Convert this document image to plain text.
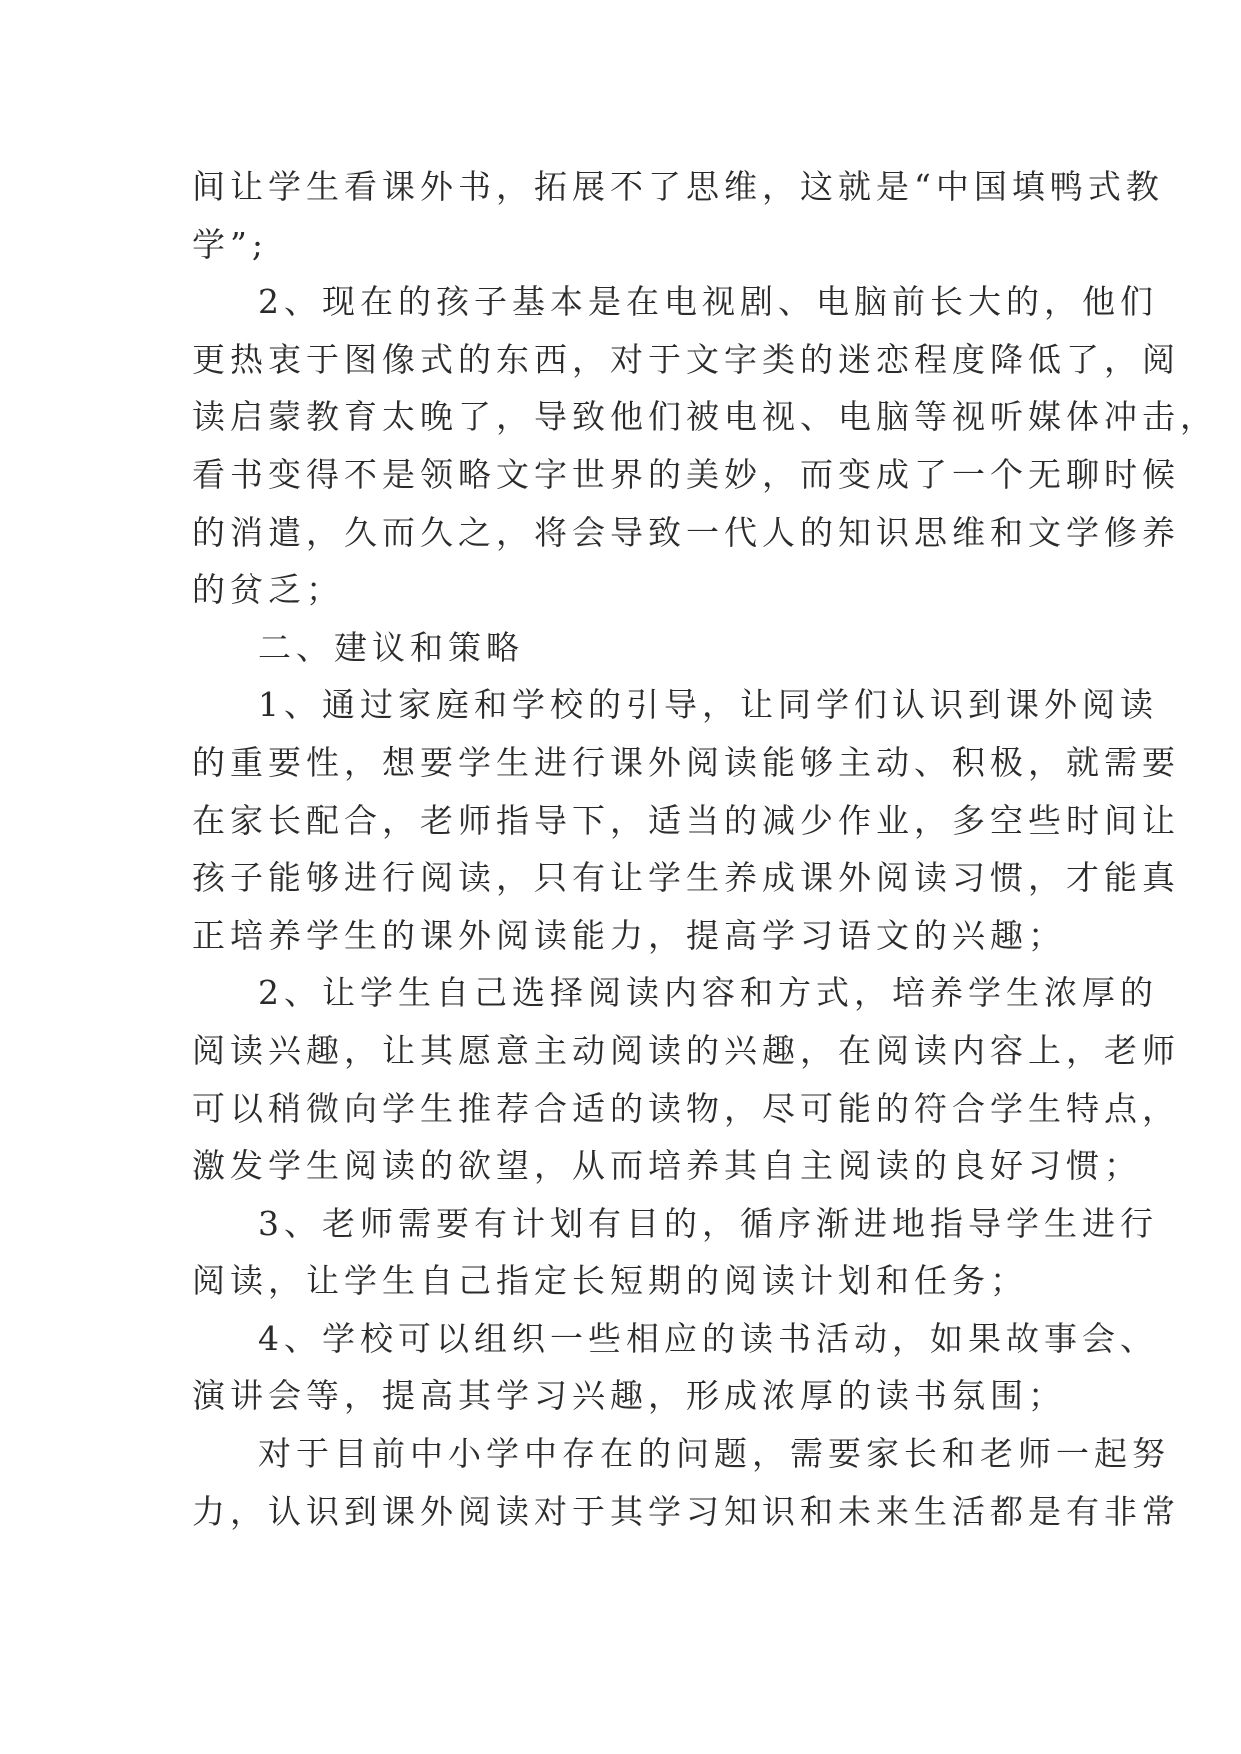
间让学生看课外书，拓展不了思维，这就是“中国填鸭式教
学”;
2、现在的孩子基本是在电视剧、电脑前长大的，他们
更热衷于图像式的东西，对于文字类的迷恋程度降低了，阅
读启蒙教育太晚了，导致他们被电视、电脑等视听媒体冲击，
看书变得不是领略文字世界的美妙，而变成了一个无聊时候
的消遣，久而久之，将会导致一代人的知识思维和文学修养
的贫乏；
二、建议和策略
1、通过家庭和学校的引导，让同学们认识到课外阅读
的重要性，想要学生进行课外阅读能够主动、积极，就需要
在家长配合，老师指导下，适当的减少作业，多空些时间让
孩子能够进行阅读，只有让学生养成课外阅读习惯，才能真
正培养学生的课外阅读能力，提高学习语文的兴趣；
2、让学生自己选择阅读内容和方式，培养学生浓厚的
阅读兴趣，让其愿意主动阅读的兴趣，在阅读内容上，老师
可以稍微向学生推荐合适的读物，尽可能的符合学生特点，
激发学生阅读的欲望，从而培养其自主阅读的良好习惯；
3、老师需要有计划有目的，循序渐进地指导学生进行
阅读，让学生自己指定长短期的阅读计划和任务；
4、学校可以组织一些相应的读书活动，如果故事会、
演讲会等，提高其学习兴趣，形成浓厚的读书氛围；
对于目前中小学中存在的问题，需要家长和老师一起努
力，认识到课外阅读对于其学习知识和未来生活都是有非常
